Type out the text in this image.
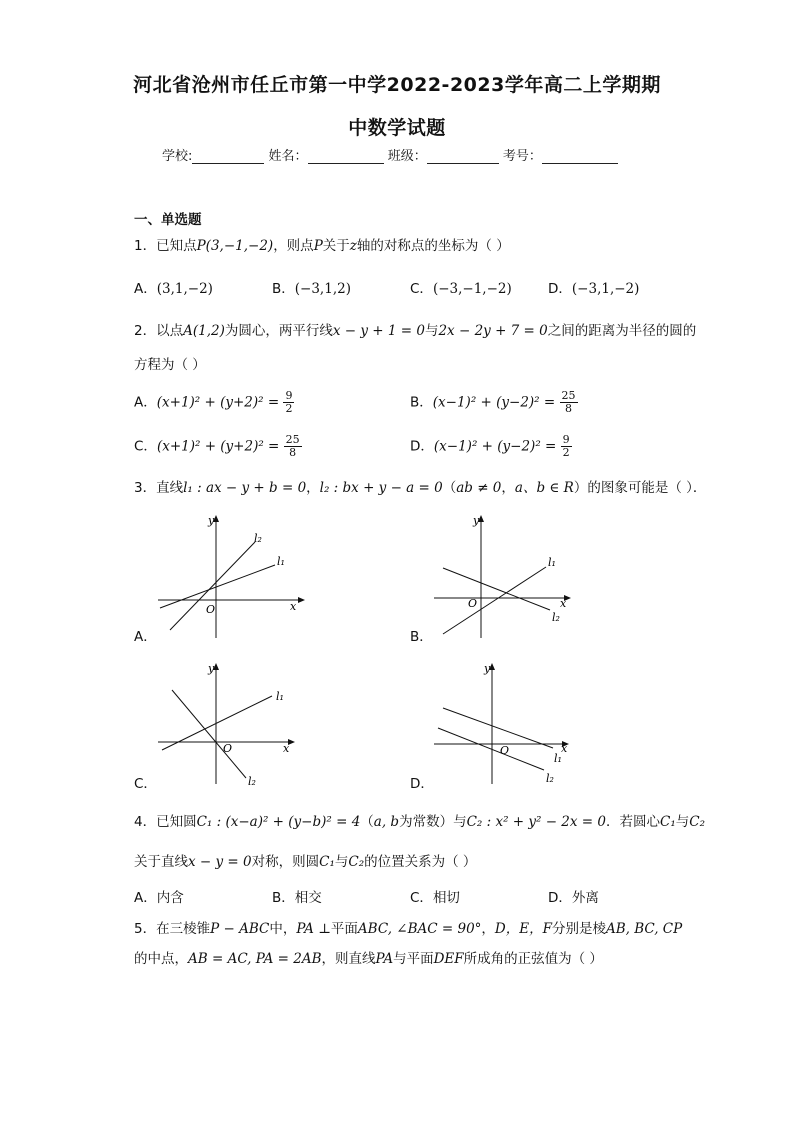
河北省沧州市任丘市第一中学2022-2023学年高二上学期期
中数学试题
学校:	姓名：	班级：	考号：
一、单选题
1．已知点P(3,−1,−2)，则点P关于z轴的对称点的坐标为（ ）
A．(3,1,−2)	B．(−3,1,2)	C．(−3,−1,−2)	D．(−3,1,−2)
2．以点A(1,2)为圆心，两平行线x − y + 1 = 0与2x − 2y + 7 = 0之间的距离为半径的圆的
方程为（ ）
A．$(x+1)^2 + (y+2)^2 = \frac{9}{2}$	B．$(x-1)^2 + (y-2)^2 = \frac{25}{8}$
C．$(x+1)^2 + (y+2)^2 = \frac{25}{8}$	D．$(x-1)^2 + (y-2)^2 = \frac{9}{2}$
3．直线l₁ : ax − y + b = 0，l₂ : bx + y − a = 0（ab ≠ 0，a、b ∈ R）的图象可能是（ ）．
x
y
O
l₂
l₁
A．
x
y
O
l₁
l₂
B．
x
y
O
l₁
l₂
C．
x
y
O
l₁
l₂
D．
4．已知圆C₁ : (x−a)² + (y−b)² = 4（a, b为常数）与C₂ : x² + y² − 2x = 0．若圆心C₁与C₂
关于直线x − y = 0对称，则圆C₁与C₂的位置关系为（ ）
A．内含	B．相交	C．相切	D．外离
5．在三棱锥P − ABC中，PA ⊥平面ABC, ∠BAC = 90°，D，E，F分别是棱AB, BC, CP
的中点，AB = AC, PA = 2AB，则直线PA与平面DEF所成角的正弦值为（ ）
